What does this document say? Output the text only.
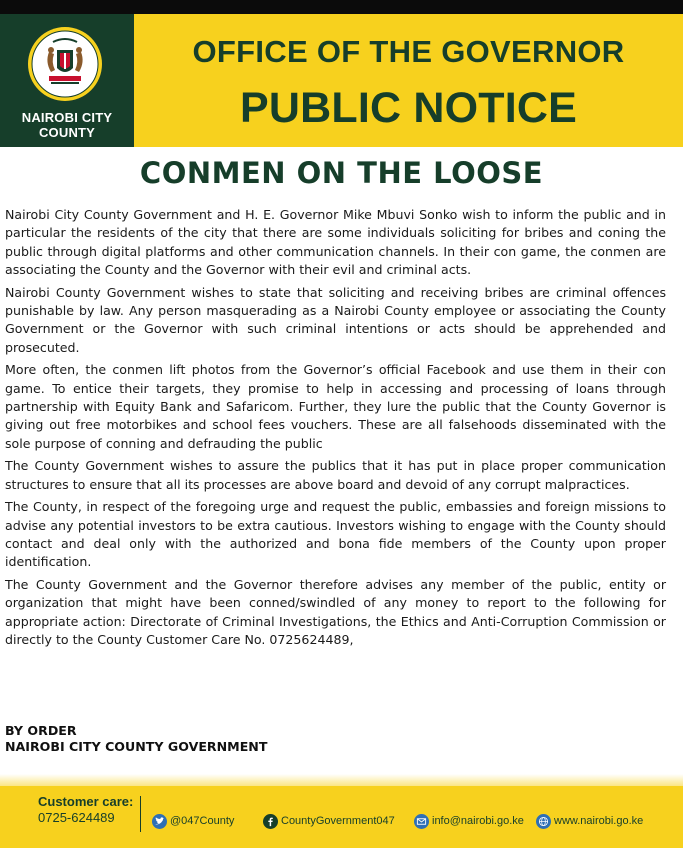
NAIROBI CITY
COUNTY
OFFICE OF THE GOVERNOR
PUBLIC NOTICE
CONMEN ON THE LOOSE

Nairobi City County Government and H. E. Governor Mike Mbuvi Sonko wish to inform the public and in particular the residents of the city that there are some individuals soliciting for bribes and coning the public through digital platforms and other communication channels. In their con game, the conmen are associating the County and the Governor with their evil and criminal acts.

Nairobi County Government wishes to state that soliciting and receiving bribes are criminal offences punishable by law. Any person masquerading as a Nairobi County employee or associating the County Government or the Governor with such criminal intentions or acts should be apprehended and prosecuted.

More often, the conmen lift photos from the Governor’s official Facebook and use them in their con game. To entice their targets, they promise to help in accessing and processing of loans through partnership with Equity Bank and Safaricom. Further, they lure the public that the County Governor is giving out free motorbikes and school fees vouchers. These are all falsehoods disseminated with the sole purpose of conning and defrauding the public

The County Government wishes to assure the publics that it has put in place proper communication structures to ensure that all its processes are above board and devoid of any corrupt malpractices.

The County, in respect of the foregoing urge and request the public, embassies and foreign missions to advise any potential investors to be extra cautious. Investors wishing to engage with the County should contact and deal only with the authorized and bona fide members of the County upon proper identification.

The County Government and the Governor therefore advises any member of the public, entity or organization that might have been conned/swindled of any money to report to the following for appropriate action: Directorate of Criminal Investigations, the Ethics and Anti-Corruption Commission or directly to the County Customer Care No. 0725624489,

BY ORDER
NAIROBI CITY COUNTY GOVERNMENT
Customer care:
0725-624489	@047County	CountyGovernment047	info@nairobi.go.ke	www.nairobi.go.ke
